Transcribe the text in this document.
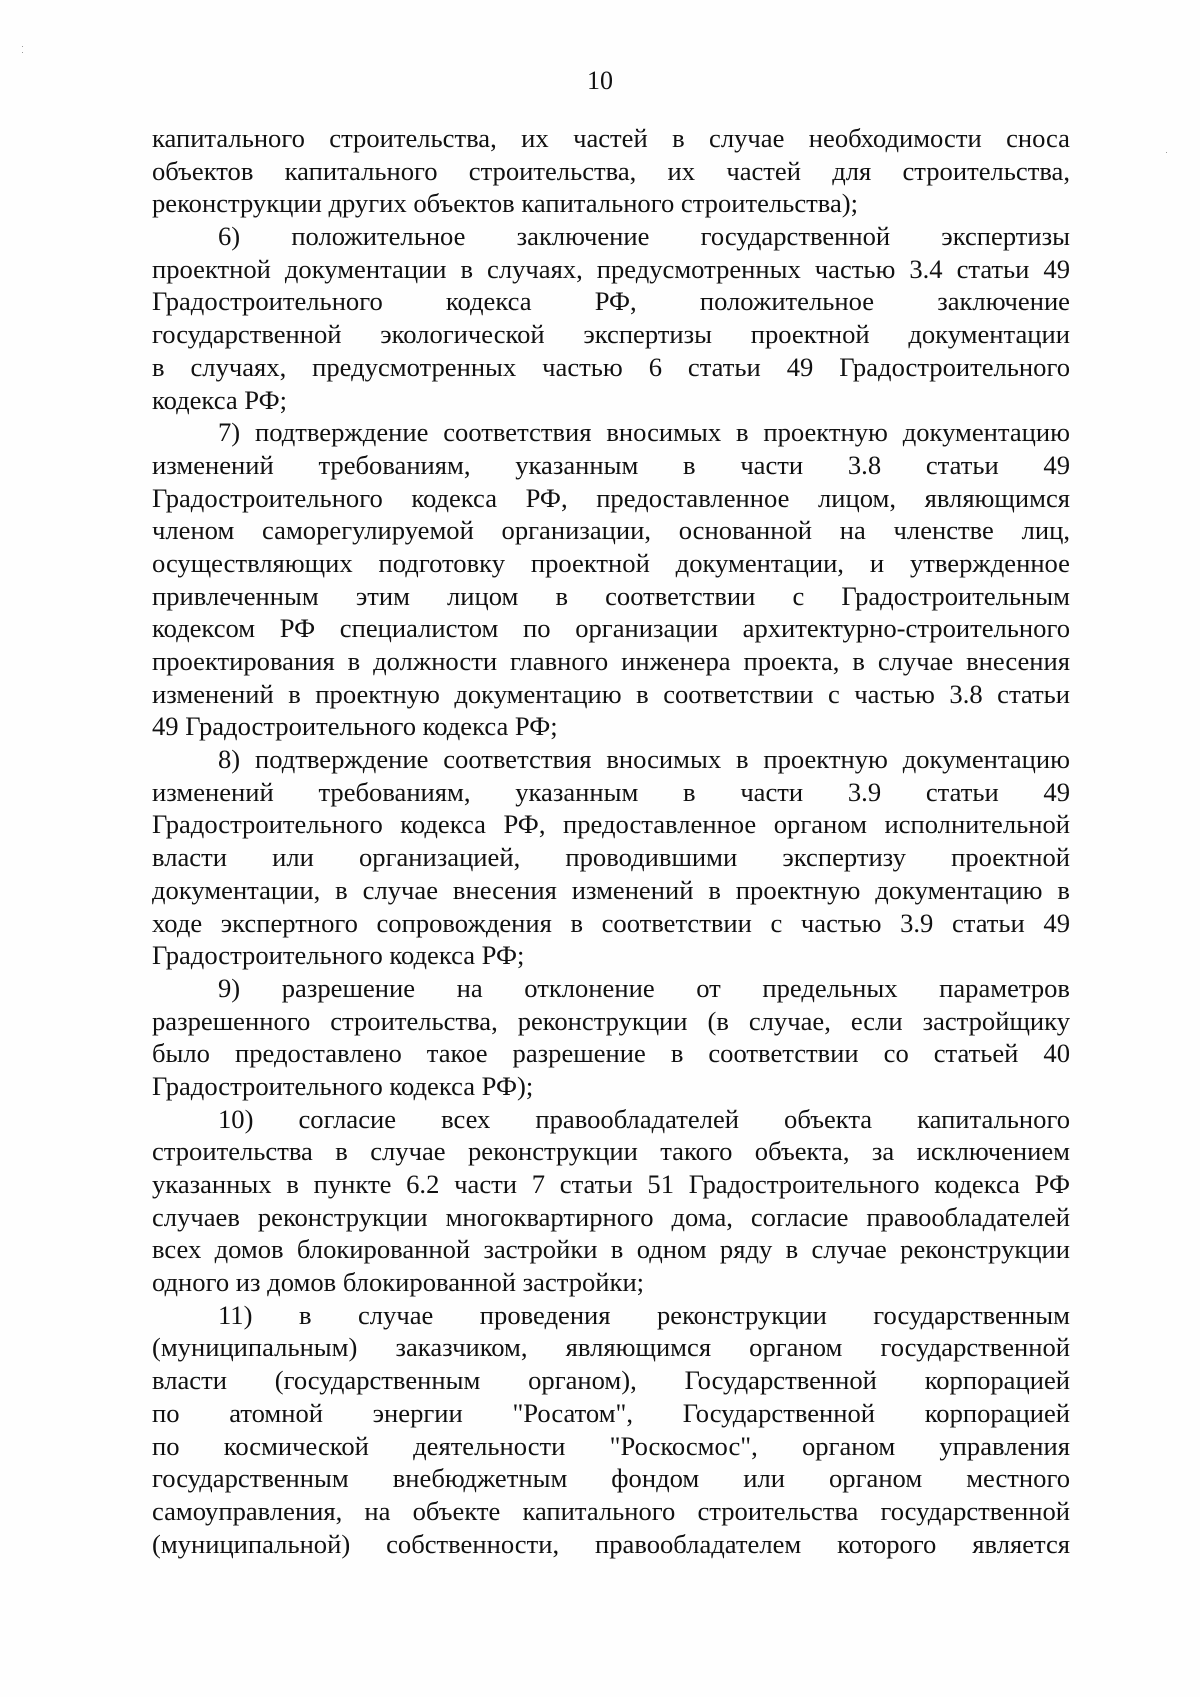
10
капитального строительства, их частей в случае необходимости сноса
объектов капитального строительства, их частей для строительства,
реконструкции других объектов капитального строительства);
6) положительное заключение государственной экспертизы
проектной документации в случаях, предусмотренных частью 3.4 статьи 49
Градостроительного кодекса РФ, положительное заключение
государственной экологической экспертизы проектной документации
в случаях, предусмотренных частью 6 статьи 49 Градостроительного
кодекса РФ;
7) подтверждение соответствия вносимых в проектную документацию
изменений требованиям, указанным в части 3.8 статьи 49
Градостроительного кодекса РФ, предоставленное лицом, являющимся
членом саморегулируемой организации, основанной на членстве лиц,
осуществляющих подготовку проектной документации, и утвержденное
привлеченным этим лицом в соответствии с Градостроительным
кодексом РФ специалистом по организации архитектурно-строительного
проектирования в должности главного инженера проекта, в случае внесения
изменений в проектную документацию в соответствии с частью 3.8 статьи
49 Градостроительного кодекса РФ;
8) подтверждение соответствия вносимых в проектную документацию
изменений требованиям, указанным в части 3.9 статьи 49
Градостроительного кодекса РФ, предоставленное органом исполнительной
власти или организацией, проводившими экспертизу проектной
документации, в случае внесения изменений в проектную документацию в
ходе экспертного сопровождения в соответствии с частью 3.9 статьи 49
Градостроительного кодекса РФ;
9) разрешение на отклонение от предельных параметров
разрешенного строительства, реконструкции (в случае, если застройщику
было предоставлено такое разрешение в соответствии со статьей 40
Градостроительного кодекса РФ);
10) согласие всех правообладателей объекта капитального
строительства в случае реконструкции такого объекта, за исключением
указанных в пункте 6.2 части 7 статьи 51 Градостроительного кодекса РФ
случаев реконструкции многоквартирного дома, согласие правообладателей
всех домов блокированной застройки в одном ряду в случае реконструкции
одного из домов блокированной застройки;
11) в случае проведения реконструкции государственным
(муниципальным) заказчиком, являющимся органом государственной
власти (государственным органом), Государственной корпорацией
по атомной энергии "Росатом", Государственной корпорацией
по космической деятельности "Роскосмос", органом управления
государственным внебюджетным фондом или органом местного
самоуправления, на объекте капитального строительства государственной
(муниципальной) собственности, правообладателем которого является
